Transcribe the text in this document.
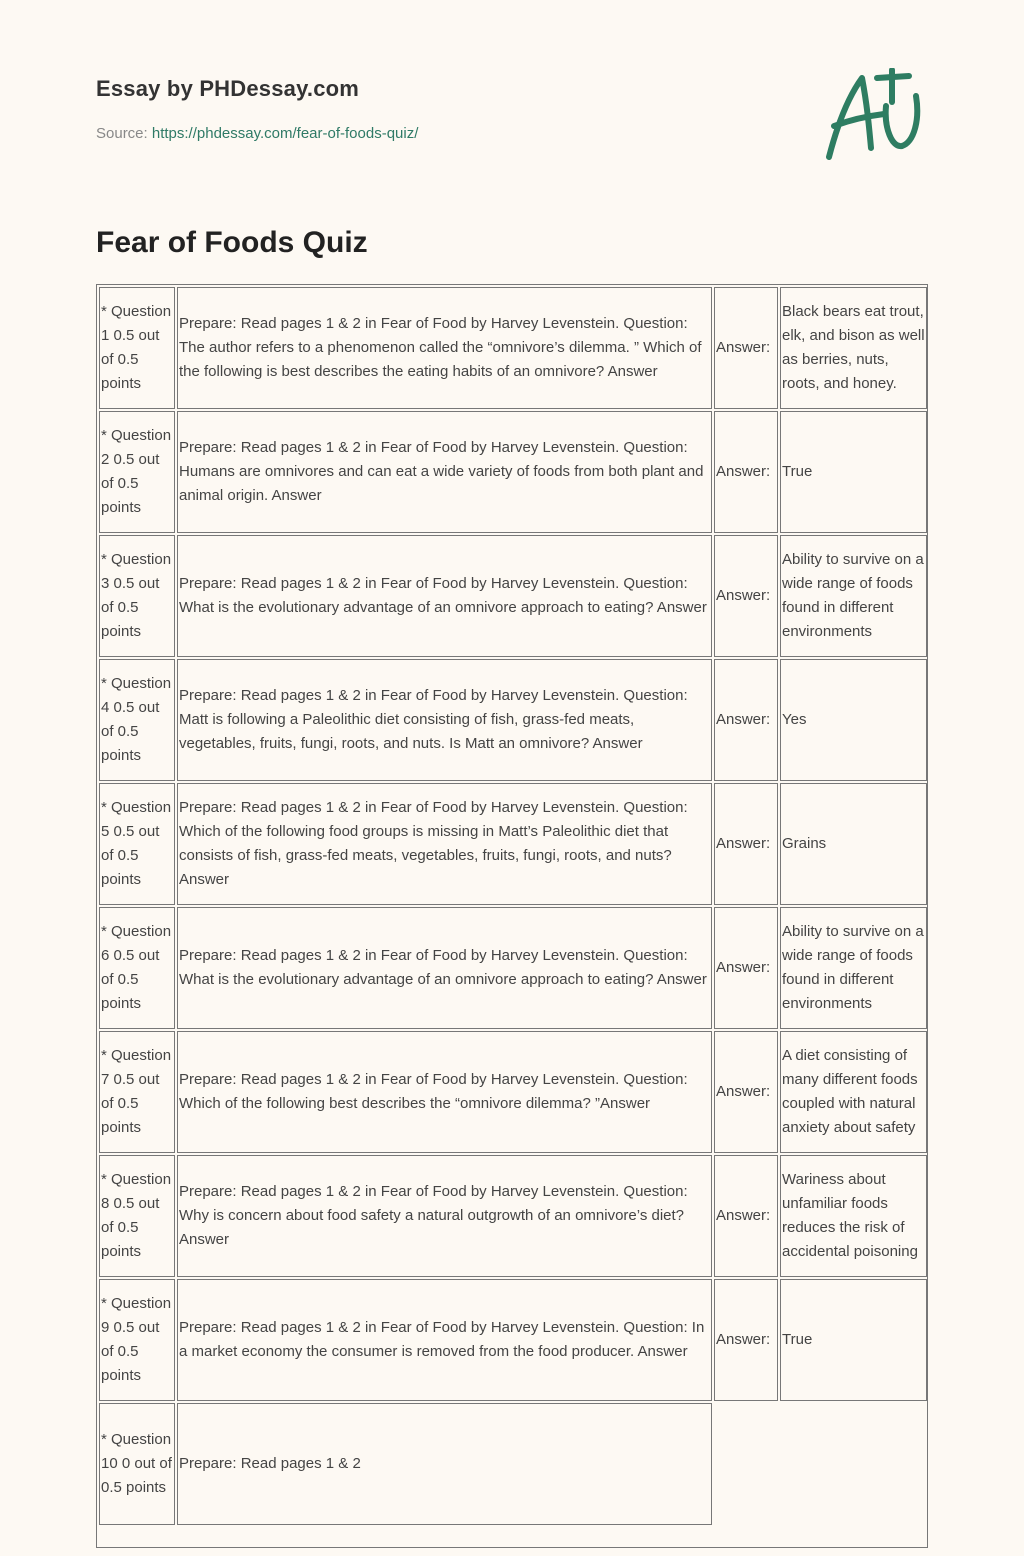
Essay by PHDessay.com
Source: https://phdessay.com/fear-of-foods-quiz/
Fear of Foods Quiz
* Question 1 0.5 out of 0.5 points	Prepare: Read pages 1 & 2 in Fear of Food by Harvey Levenstein. Question: The author refers to a phenomenon called the “omnivore’s dilemma. ” Which of the following is best describes the eating habits of an omnivore? Answer	Answer:	Black bears eat trout, elk, and bison as well as berries, nuts, roots, and honey.
* Question 2 0.5 out of 0.5 points	Prepare: Read pages 1 & 2 in Fear of Food by Harvey Levenstein. Question: Humans are omnivores and can eat a wide variety of foods from both plant and animal origin. Answer	Answer:	True
* Question 3 0.5 out of 0.5 points	Prepare: Read pages 1 & 2 in Fear of Food by Harvey Levenstein. Question: What is the evolutionary advantage of an omnivore approach to eating? Answer	Answer:	Ability to survive on a wide range of foods found in different environments
* Question 4 0.5 out of 0.5 points	Prepare: Read pages 1 & 2 in Fear of Food by Harvey Levenstein. Question: Matt is following a Paleolithic diet consisting of fish, grass-fed meats, vegetables, fruits, fungi, roots, and nuts. Is Matt an omnivore? Answer	Answer:	Yes
* Question 5 0.5 out of 0.5 points	Prepare: Read pages 1 & 2 in Fear of Food by Harvey Levenstein. Question: Which of the following food groups is missing in Matt’s Paleolithic diet that consists of fish, grass-fed meats, vegetables, fruits, fungi, roots, and nuts? Answer	Answer:	Grains
* Question 6 0.5 out of 0.5 points	Prepare: Read pages 1 & 2 in Fear of Food by Harvey Levenstein. Question: What is the evolutionary advantage of an omnivore approach to eating? Answer	Answer:	Ability to survive on a wide range of foods found in different environments
* Question 7 0.5 out of 0.5 points	Prepare: Read pages 1 & 2 in Fear of Food by Harvey Levenstein. Question: Which of the following best describes the “omnivore dilemma? ”Answer	Answer:	A diet consisting of many different foods coupled with natural anxiety about safety
* Question 8 0.5 out of 0.5 points	Prepare: Read pages 1 & 2 in Fear of Food by Harvey Levenstein. Question: Why is concern about food safety a natural outgrowth of an omnivore’s diet? Answer	Answer:	Wariness about unfamiliar foods reduces the risk of accidental poisoning
* Question 9 0.5 out of 0.5 points	Prepare: Read pages 1 & 2 in Fear of Food by Harvey Levenstein. Question: In a market economy the consumer is removed from the food producer. Answer	Answer:	True
* Question 10 0 out of 0.5 points	Prepare: Read pages 1 & 2		
